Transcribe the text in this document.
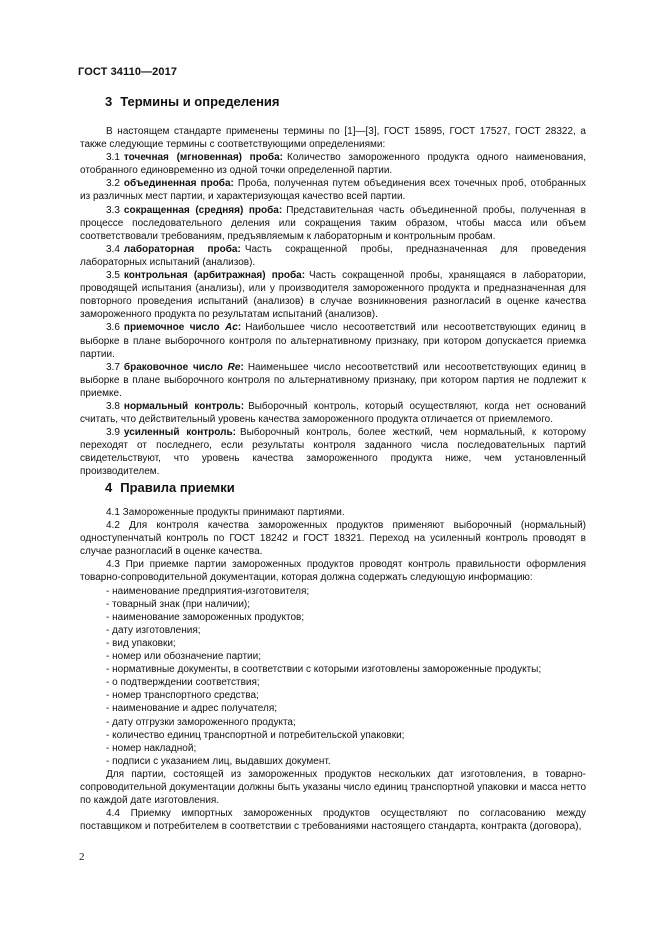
ГОСТ 34110—2017
3 Термины и определения

В настоящем стандарте применены термины по [1]—[3], ГОСТ 15895, ГОСТ 17527, ГОСТ 28322, а также следующие термины с соответствующими определениями:

3.1 точечная (мгновенная) проба: Количество замороженного продукта одного наименования, отобранного единовременно из одной точки определенной партии.

3.2 объединенная проба: Проба, полученная путем объединения всех точечных проб, отобранных из различных мест партии, и характеризующая качество всей партии.

3.3 сокращенная (средняя) проба: Представительная часть объединенной пробы, полученная в процессе последовательного деления или сокращения таким образом, чтобы масса или объем соответствовали требованиям, предъявляемым к лабораторным и контрольным пробам.

3.4 лабораторная проба: Часть сокращенной пробы, предназначенная для проведения лабораторных испытаний (анализов).

3.5 контрольная (арбитражная) проба: Часть сокращенной пробы, хранящаяся в лаборатории, проводящей испытания (анализы), или у производителя замороженного продукта и предназначенная для повторного проведения испытаний (анализов) в случае возникновения разногласий в оценке качества замороженного продукта по результатам испытаний (анализов).

3.6 приемочное число Ac: Наибольшее число несоответствий или несоответствующих единиц в выборке в плане выборочного контроля по альтернативному признаку, при котором допускается приемка партии.

3.7 браковочное число Re: Наименьшее число несоответствий или несоответствующих единиц в выборке в плане выборочного контроля по альтернативному признаку, при котором партия не подлежит к приемке.

3.8 нормальный контроль: Выборочный контроль, который осуществляют, когда нет оснований считать, что действительный уровень качества замороженного продукта отличается от приемлемого.

3.9 усиленный контроль: Выборочный контроль, более жесткий, чем нормальный, к которому переходят от последнего, если результаты контроля заданного числа последовательных партий свидетельствуют, что уровень качества замороженного продукта ниже, чем установленный производителем.

4 Правила приемки

4.1 Замороженные продукты принимают партиями.

4.2 Для контроля качества замороженных продуктов применяют выборочный (нормальный) одноступенчатый контроль по ГОСТ 18242 и ГОСТ 18321. Переход на усиленный контроль проводят в случае разногласий в оценке качества.

4.3 При приемке партии замороженных продуктов проводят контроль правильности оформления товарно-сопроводительной документации, которая должна содержать следующую информацию:

- наименование предприятия-изготовителя;

- товарный знак (при наличии);

- наименование замороженных продуктов;

- дату изготовления;

- вид упаковки;

- номер или обозначение партии;

- нормативные документы, в соответствии с которыми изготовлены замороженные продукты;

- о подтверждении соответствия;

- номер транспортного средства;

- наименование и адрес получателя;

- дату отгрузки замороженного продукта;

- количество единиц транспортной и потребительской упаковки;

- номер накладной;

- подписи с указанием лиц, выдавших документ.

Для партии, состоящей из замороженных продуктов нескольких дат изготовления, в товарно-сопроводительной документации должны быть указаны число единиц транспортной упаковки и масса нетто по каждой дате изготовления.

4.4 Приемку импортных замороженных продуктов осуществляют по согласованию между поставщиком и потребителем в соответствии с требованиями настоящего стандарта, контракта (договора),

2
